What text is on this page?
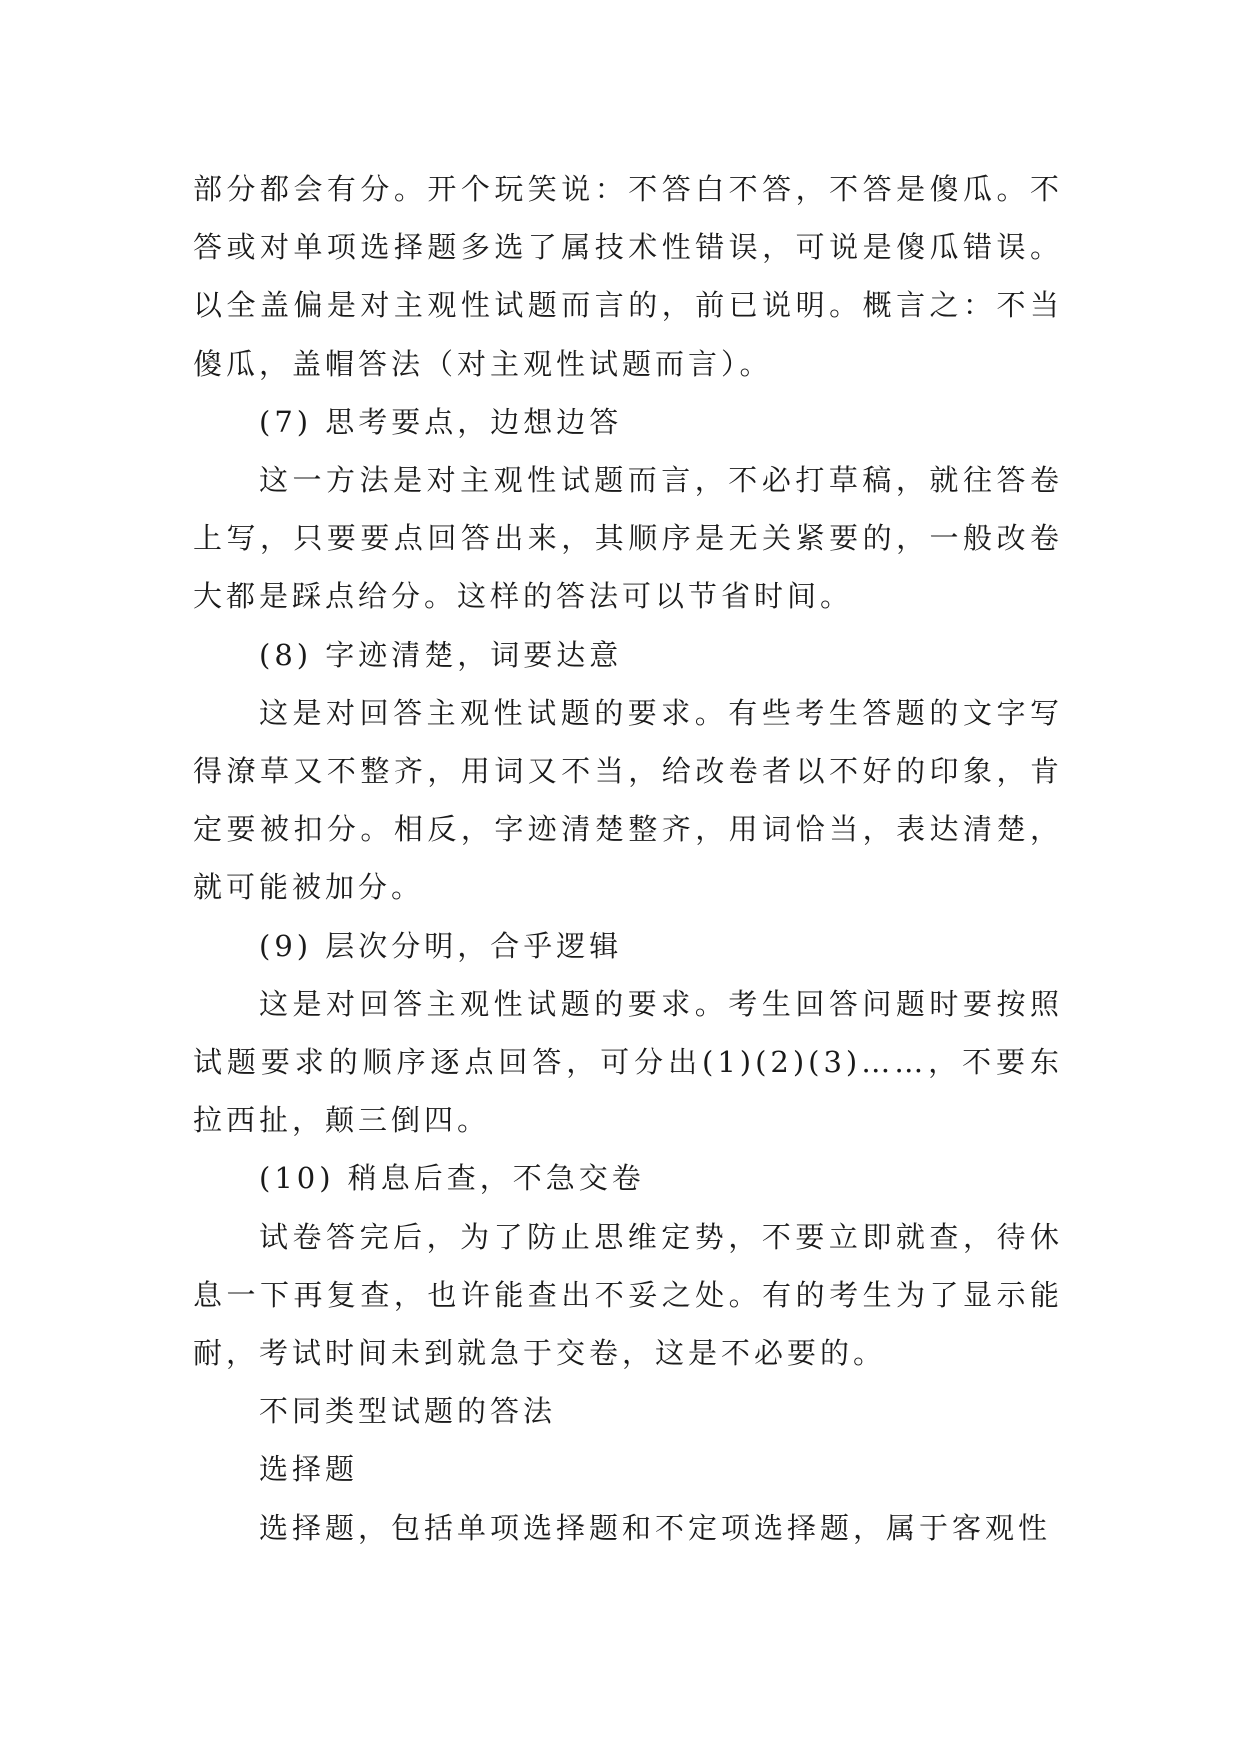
部分都会有分。开个玩笑说：不答白不答，不答是傻瓜。不答或对单项选择题多选了属技术性错误，可说是傻瓜错误。以全盖偏是对主观性试题而言的，前已说明。概言之：不当傻瓜，盖帽答法（对主观性试题而言）。

(7) 思考要点，边想边答

这一方法是对主观性试题而言，不必打草稿，就往答卷上写，只要要点回答出来，其顺序是无关紧要的，一般改卷大都是踩点给分。这样的答法可以节省时间。

(8) 字迹清楚，词要达意

这是对回答主观性试题的要求。有些考生答题的文字写得潦草又不整齐，用词又不当，给改卷者以不好的印象，肯定要被扣分。相反，字迹清楚整齐，用词恰当，表达清楚，就可能被加分。

(9) 层次分明，合乎逻辑

这是对回答主观性试题的要求。考生回答问题时要按照试题要求的顺序逐点回答，可分出(1)(2)(3)……，不要东拉西扯，颠三倒四。

(10) 稍息后查，不急交卷

试卷答完后，为了防止思维定势，不要立即就查，待休息一下再复查，也许能查出不妥之处。有的考生为了显示能耐，考试时间未到就急于交卷，这是不必要的。

不同类型试题的答法

选择题

选择题，包括单项选择题和不定项选择题，属于客观性
